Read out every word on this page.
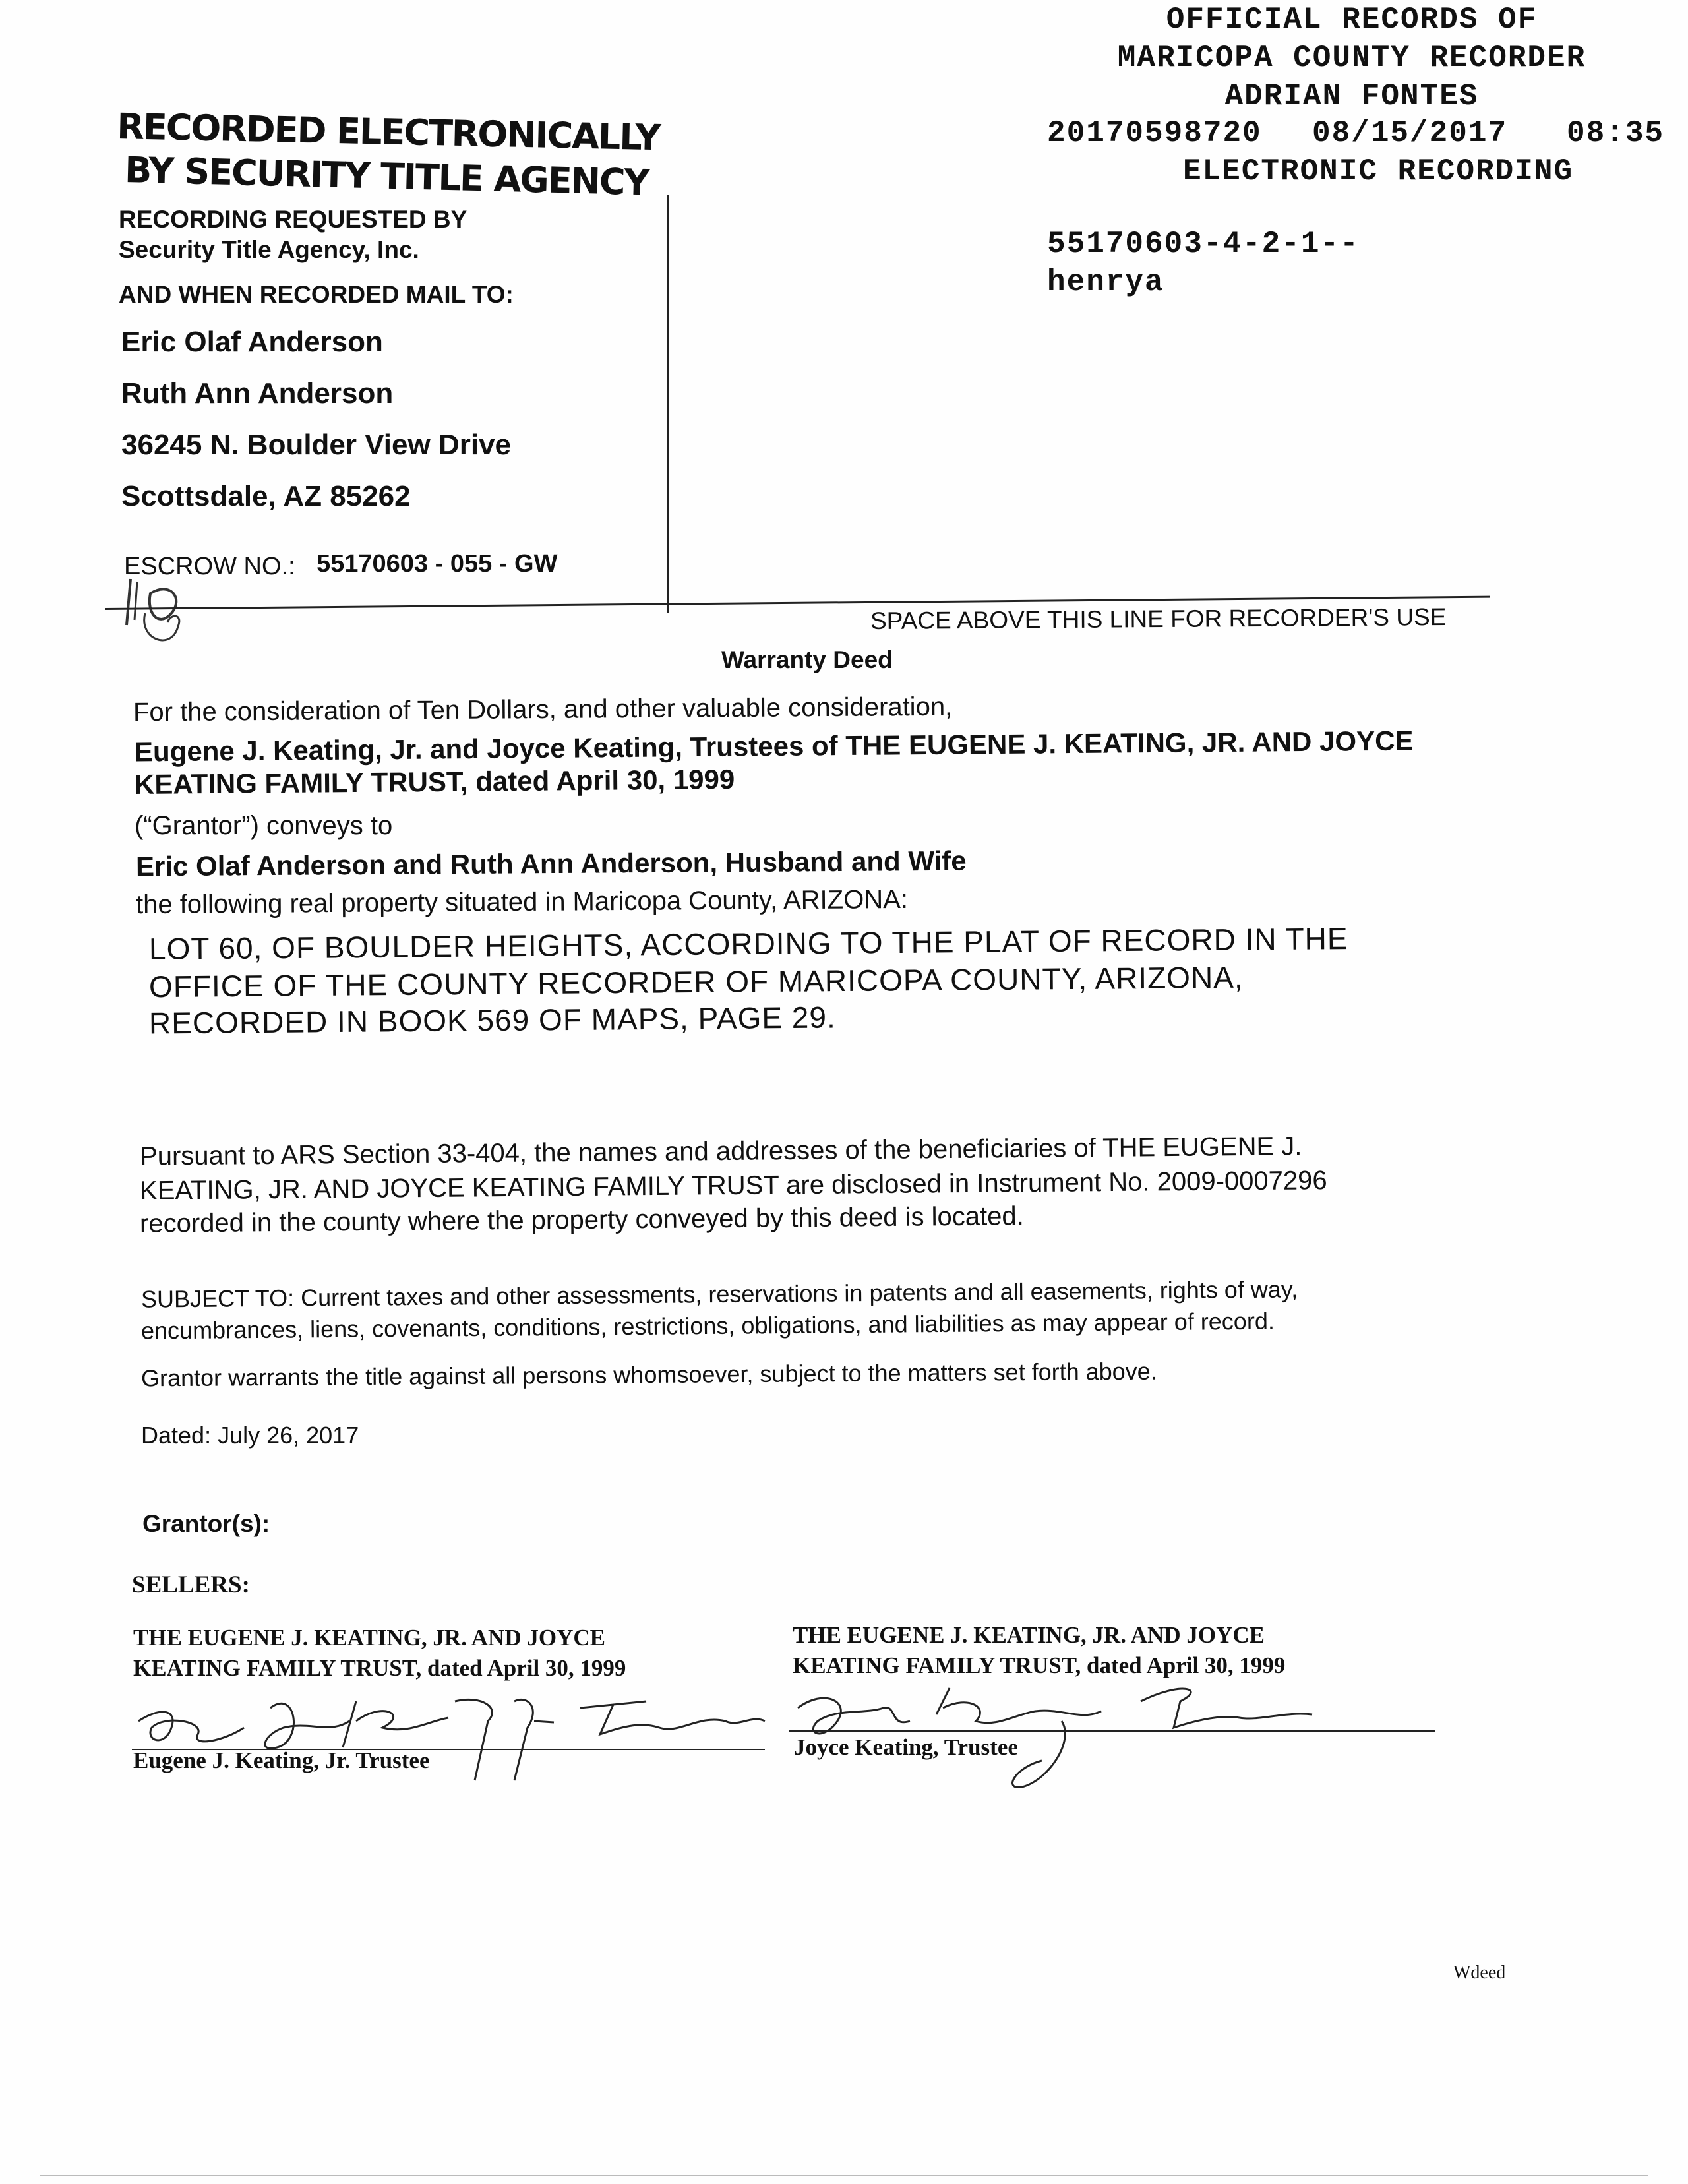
OFFICIAL RECORDS OF
MARICOPA COUNTY RECORDER
ADRIAN FONTES
20170598720 08/15/2017 08:35
ELECTRONIC RECORDING
55170603-4-2-1--
henrya
RECORDED ELECTRONICALLY
BY SECURITY TITLE AGENCY
RECORDING REQUESTED BY
Security Title Agency, Inc.
AND WHEN RECORDED MAIL TO:
Eric Olaf Anderson
Ruth Ann Anderson
36245 N. Boulder View Drive
Scottsdale, AZ 85262
ESCROW NO.: 55170603 - 055 - GW
SPACE ABOVE THIS LINE FOR RECORDER'S USE
Warranty Deed
For the consideration of Ten Dollars, and other valuable consideration,
Eugene J. Keating, Jr. and Joyce Keating, Trustees of THE EUGENE J. KEATING, JR. AND JOYCE
KEATING FAMILY TRUST, dated April 30, 1999
(“Grantor”) conveys to
Eric Olaf Anderson and Ruth Ann Anderson, Husband and Wife
the following real property situated in Maricopa County, ARIZONA:
LOT 60, OF BOULDER HEIGHTS, ACCORDING TO THE PLAT OF RECORD IN THE
OFFICE OF THE COUNTY RECORDER OF MARICOPA COUNTY, ARIZONA,
RECORDED IN BOOK 569 OF MAPS, PAGE 29.
Pursuant to ARS Section 33-404, the names and addresses of the beneficiaries of THE EUGENE J.
KEATING, JR. AND JOYCE KEATING FAMILY TRUST are disclosed in Instrument No. 2009-0007296
recorded in the county where the property conveyed by this deed is located.
SUBJECT TO: Current taxes and other assessments, reservations in patents and all easements, rights of way,
encumbrances, liens, covenants, conditions, restrictions, obligations, and liabilities as may appear of record.
Grantor warrants the title against all persons whomsoever, subject to the matters set forth above.
Dated: July 26, 2017
Grantor(s):
SELLERS:
THE EUGENE J. KEATING, JR. AND JOYCE
KEATING FAMILY TRUST, dated April 30, 1999
Eugene J. Keating, Jr. Trustee
THE EUGENE J. KEATING, JR. AND JOYCE
KEATING FAMILY TRUST, dated April 30, 1999
Joyce Keating, Trustee
Wdeed
